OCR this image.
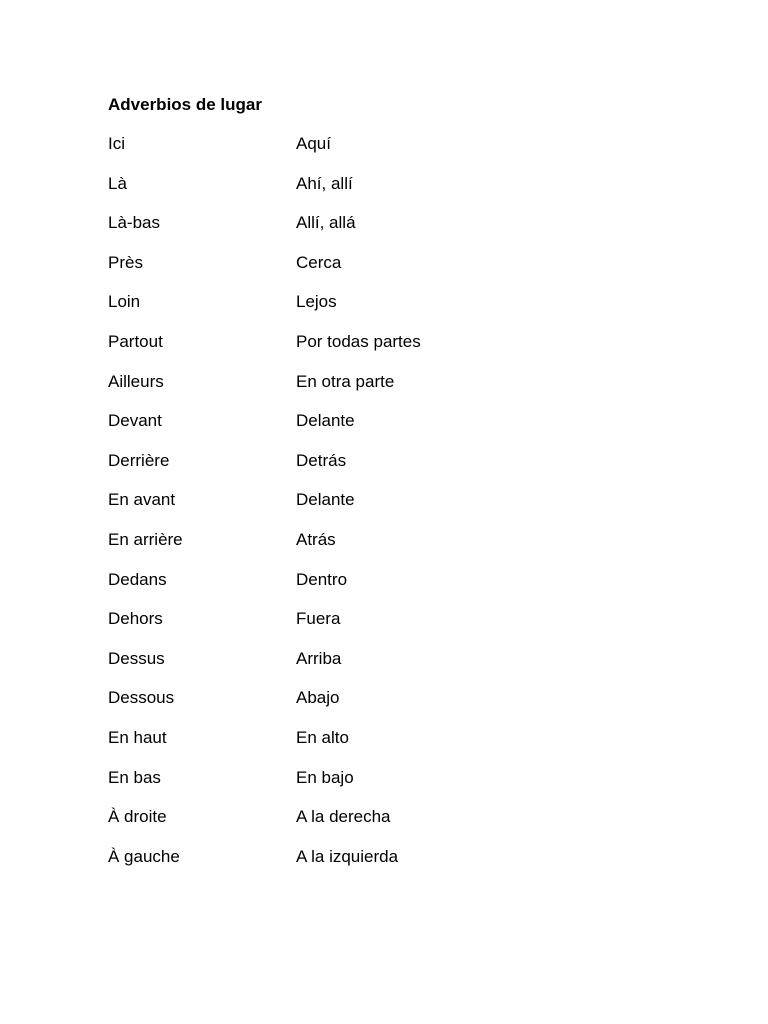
Adverbios de lugar
Ici	Aquí
Là	Ahí, allí
Là-bas	Allí, allá
Près	Cerca
Loin	Lejos
Partout	Por todas partes
Ailleurs	En otra parte
Devant	Delante
Derrière	Detrás
En avant	Delante
En arrière	Atrás
Dedans	Dentro
Dehors	Fuera
Dessus	Arriba
Dessous	Abajo
En haut	En alto
En bas	En bajo
À droite	A la derecha
À gauche	A la izquierda
